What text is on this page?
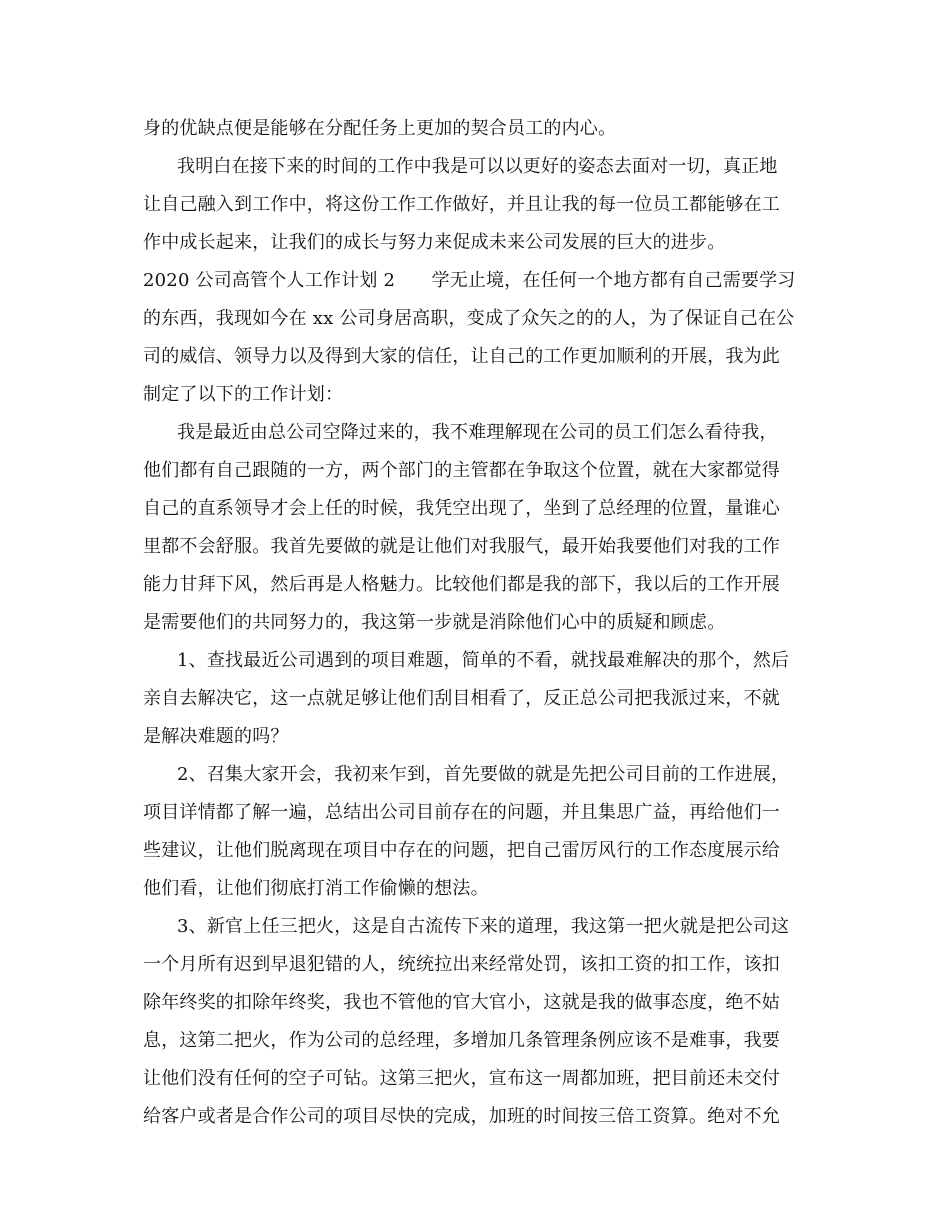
身的优缺点便是能够在分配任务上更加的契合员工的内心。
我明白在接下来的时间的工作中我是可以以更好的姿态去面对一切，真正地
让自己融入到工作中，将这份工作工作做好，并且让我的每一位员工都能够在工
作中成长起来，让我们的成长与努力来促成未来公司发展的巨大的进步。
2020 公司高管个人工作计划 2　　学无止境，在任何一个地方都有自己需要学习
的东西，我现如今在 xx 公司身居高职，变成了众矢之的的人，为了保证自己在公
司的威信、领导力以及得到大家的信任，让自己的工作更加顺利的开展，我为此
制定了以下的工作计划：
我是最近由总公司空降过来的，我不难理解现在公司的员工们怎么看待我，
他们都有自己跟随的一方，两个部门的主管都在争取这个位置，就在大家都觉得
自己的直系领导才会上任的时候，我凭空出现了，坐到了总经理的位置，量谁心
里都不会舒服。我首先要做的就是让他们对我服气，最开始我要他们对我的工作
能力甘拜下风，然后再是人格魅力。比较他们都是我的部下，我以后的工作开展
是需要他们的共同努力的，我这第一步就是消除他们心中的质疑和顾虑。
1、查找最近公司遇到的项目难题，简单的不看，就找最难解决的那个，然后
亲自去解决它，这一点就足够让他们刮目相看了，反正总公司把我派过来，不就
是解决难题的吗？
2、召集大家开会，我初来乍到，首先要做的就是先把公司目前的工作进展，
项目详情都了解一遍，总结出公司目前存在的问题，并且集思广益，再给他们一
些建议，让他们脱离现在项目中存在的问题，把自己雷厉风行的工作态度展示给
他们看，让他们彻底打消工作偷懒的想法。
3、新官上任三把火，这是自古流传下来的道理，我这第一把火就是把公司这
一个月所有迟到早退犯错的人，统统拉出来经常处罚，该扣工资的扣工作，该扣
除年终奖的扣除年终奖，我也不管他的官大官小，这就是我的做事态度，绝不姑
息，这第二把火，作为公司的总经理，多增加几条管理条例应该不是难事，我要
让他们没有任何的空子可钻。这第三把火，宣布这一周都加班，把目前还未交付
给客户或者是合作公司的项目尽快的完成，加班的时间按三倍工资算。绝对不允
